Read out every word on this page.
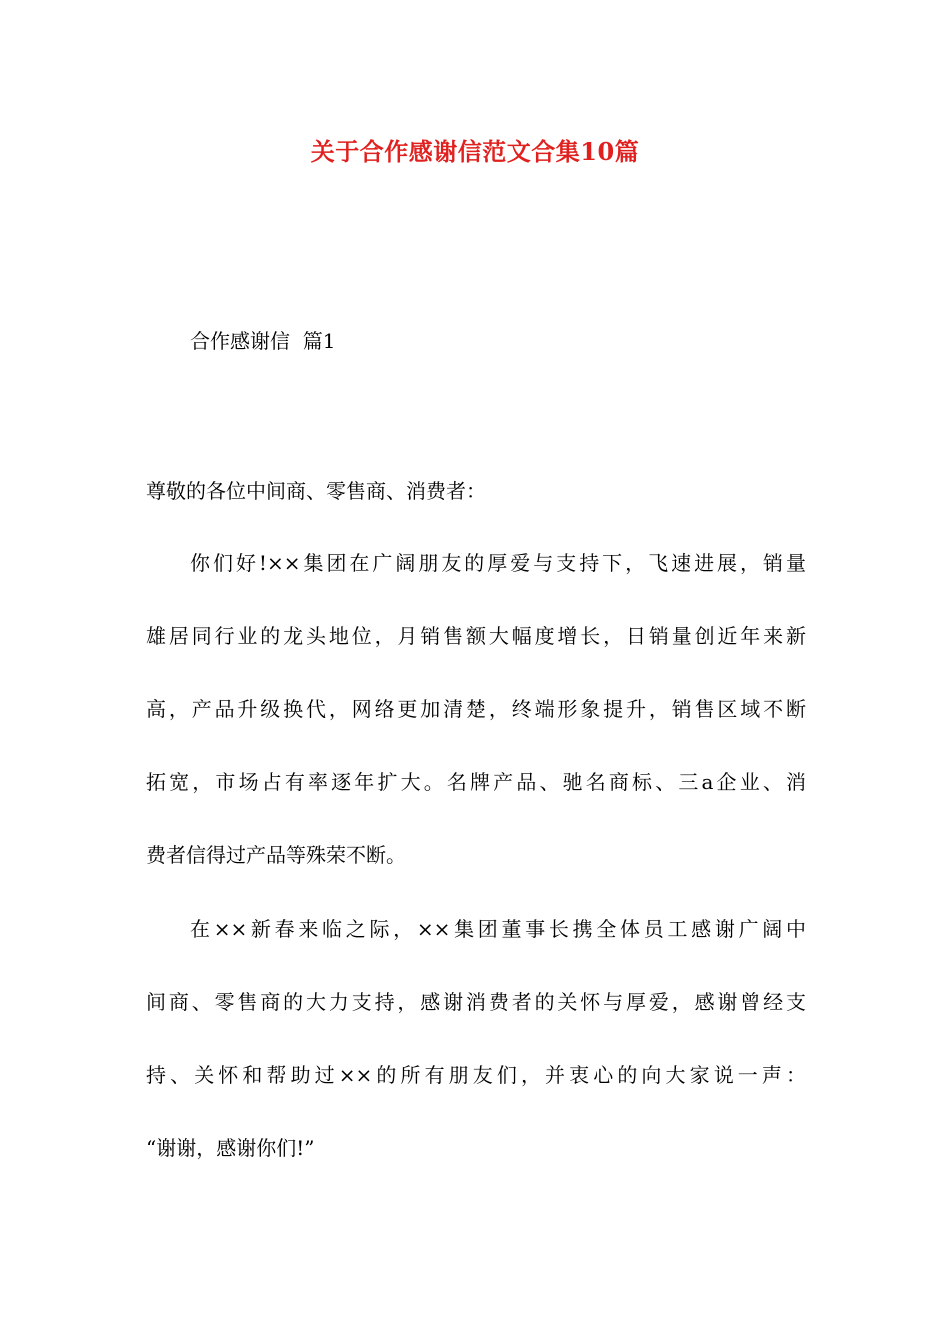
关于合作感谢信范文合集10篇
合作感谢信  篇1
尊敬的各位中间商、零售商、消费者：
你们好!××集团在广阔朋友的厚爱与支持下，飞速进展，销量
雄居同行业的龙头地位，月销售额大幅度增长，日销量创近年来新
高，产品升级换代，网络更加清楚，终端形象提升，销售区域不断
拓宽，市场占有率逐年扩大。名牌产品、驰名商标、三a企业、消
费者信得过产品等殊荣不断。
在××新春来临之际，××集团董事长携全体员工感谢广阔中
间商、零售商的大力支持，感谢消费者的关怀与厚爱，感谢曾经支
持、关怀和帮助过××的所有朋友们，并衷心的向大家说一声：
“谢谢，感谢你们!”
